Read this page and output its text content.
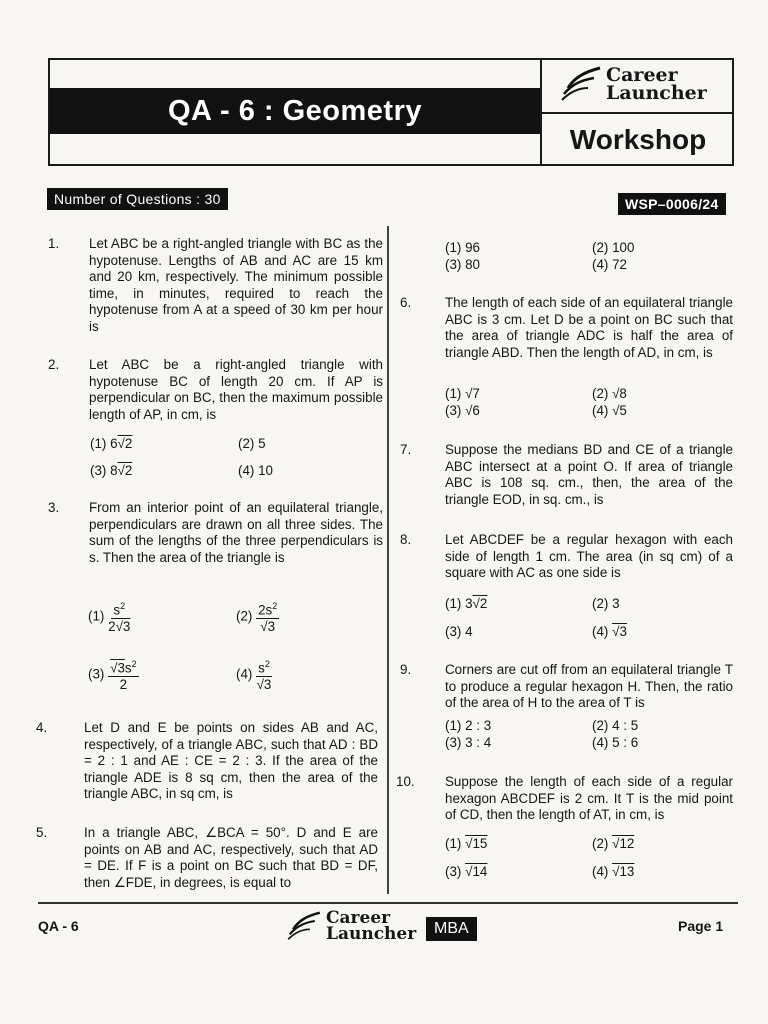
QA - 6 : Geometry
Career
Launcher
Workshop
Number of Questions : 30	WSP–0006/24
1. Let ABC be a right-angled triangle with BC as the hypotenuse. Lengths of AB and AC are 15 km and 20 km, respectively. The minimum possible time, in minutes, required to reach the hypotenuse from A at a speed of 30 km per hour is
2. Let ABC be a right-angled triangle with hypotenuse BC of length 20 cm. If AP is perpendicular on BC, then the maximum possible length of AP, in cm, is
(1) 6√2	(2) 5
(3) 8√2	(4) 10
3. From an interior point of an equilateral triangle, perpendiculars are drawn on all three sides. The sum of the lengths of the three perpendiculars is s. Then the area of the triangle is
$(1) \frac{s^2}{2√3}$	$(2) \frac{2s^2}{√3}$
$(3) \frac{√3s^2}{2}$	$(4) \frac{s^2}{√3}$
4.	Let D and E be points on sides AB and AC, respectively, of a triangle ABC, such that AD : BD = 2 : 1 and AE : CE = 2 : 3. If the area of the triangle ADE is 8 sq cm, then the area of the triangle ABC, in sq cm, is
5.	In a triangle ABC, ∠BCA = 50°. D and E are points on AB and AC, respectively, such that AD = DE. If F is a point on BC such that BD = DF, then ∠FDE, in degrees, is equal to
(1) 96	(2) 100
(3) 80	(4) 72
6.	The length of each side of an equilateral triangle ABC is 3 cm. Let D be a point on BC such that the area of triangle ADC is half the area of triangle ABD. Then the length of AD, in cm, is
(1) √7	(2) √8
(3) √6	(4) √5
7.	Suppose the medians BD and CE of a triangle ABC intersect at a point O. If area of triangle ABC is 108 sq. cm., then, the area of the triangle EOD, in sq. cm., is
8.	Let ABCDEF be a regular hexagon with each side of length 1 cm. The area (in sq cm) of a square with AC as one side is
(1) 3√2	(2) 3
(3) 4	(4) √3
9.	Corners are cut off from an equilateral triangle T to produce a regular hexagon H. Then, the ratio of the area of H to the area of T is
(1) 2 : 3	(2) 4 : 5
(3) 3 : 4	(4) 5 : 6
10. Suppose the length of each side of a regular hexagon ABCDEF is 2 cm. It T is the mid point of CD, then the length of AT, in cm, is
(1) √15	(2) √12
(3) √14	(4) √13
QA - 6	Career
Launcher	MBA	Page 1
